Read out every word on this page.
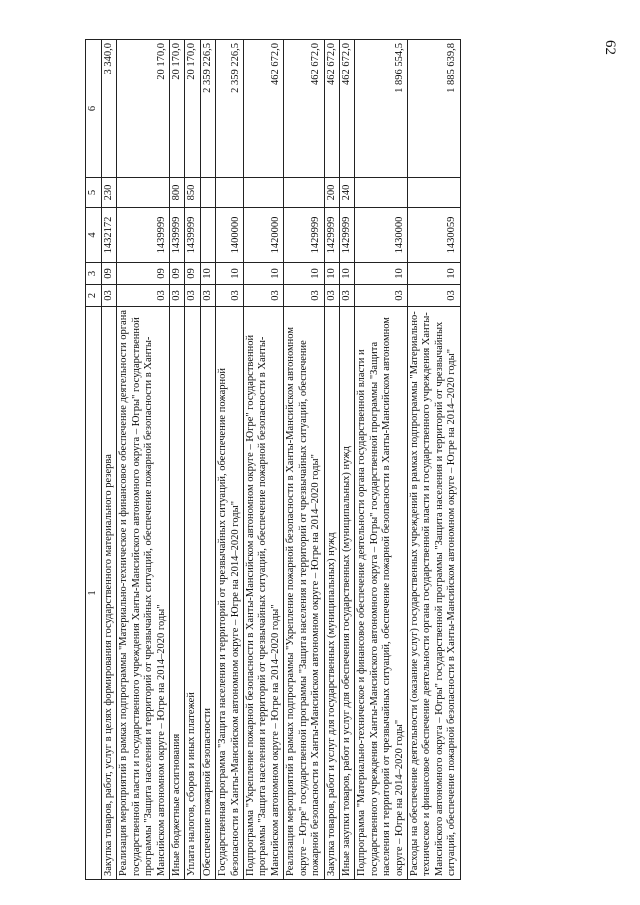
62
1	2	3	4	5	6
Закупка товаров, работ, услуг в целях формирования государственного материального резерва	03	09	1432172	230	3 340,0
Реализация мероприятий в рамках подпрограммы "Материально-техническое и финансовое обеспечение деятельности органа государственной власти и государственного учреждения Ханты-Мансийского автономного округа – Югры" государственной программы "Защита населения и территорий от чрезвычайных ситуаций, обеспечение пожарной безопасности в Ханты-Мансийском автономном округе – Югре на 2014–2020 годы"	03	09	1439999		20 170,0
Иные бюджетные ассигнования	03	09	1439999	800	20 170,0
Уплата налогов, сборов и иных платежей	03	09	1439999	850	20 170,0
Обеспечение пожарной безопасности	03	10			2 359 226,5
Государственная программа "Защита населения и территорий от чрезвычайных ситуаций, обеспечение пожарной безопасности в Ханты-Мансийском автономном округе – Югре на 2014–2020 годы"	03	10	1400000		2 359 226,5
Подпрограмма "Укрепление пожарной безопасности в Ханты-Мансийском автономном округе – Югре" государственной программы "Защита населения и территорий от чрезвычайных ситуаций, обеспечение пожарной безопасности в Ханты-Мансийском автономном округе – Югре на 2014–2020 годы"	03	10	1420000		462 672,0
Реализация мероприятий в рамках подпрограммы "Укрепление пожарной безопасности в Ханты-Мансийском автономном округе – Югре" государственной программы "Защита населения и территорий от чрезвычайных ситуаций, обеспечение пожарной безопасности в Ханты-Мансийском автономном округе – Югре на 2014–2020 годы"	03	10	1429999		462 672,0
Закупка товаров, работ и услуг для государственных (муниципальных) нужд	03	10	1429999	200	462 672,0
Иные закупки товаров, работ и услуг для обеспечения государственных (муниципальных) нужд	03	10	1429999	240	462 672,0
Подпрограмма "Материально-техническое и финансовое обеспечение деятельности органа государственной власти и государственного учреждения Ханты-Мансийского автономного округа – Югры" государственной программы "Защита населения и территорий от чрезвычайных ситуаций, обеспечение пожарной безопасности в Ханты-Мансийском автономном округе – Югре на 2014–2020 годы"	03	10	1430000		1 896 554,5
Расходы на обеспечение деятельности (оказание услуг) государственных учреждений в рамках подпрограммы "Материально-техническое и финансовое обеспечение деятельности органа государственной власти и государственного учреждения Ханты-Мансийского автономного округа – Югры" государственной программы "Защита населения и территорий от чрезвычайных ситуаций, обеспечение пожарной безопасности в Ханты-Мансийском автономном округе – Югре на 2014–2020 годы"	03	10	1430059		1 885 639,8
